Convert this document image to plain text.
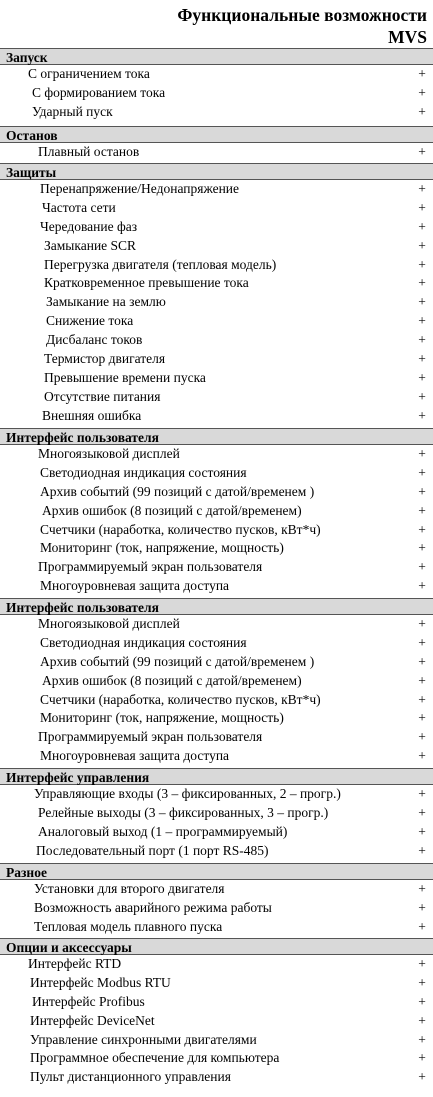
Функциональные возможности
MVS
Запуск
С ограничением тока	+
С формированием тока	+
Ударный пуск	+
Останов
Плавный останов	+
Защиты
Перенапряжение/Недонапряжение	+
Частота сети	+
Чередование фаз	+
Замыкание SCR	+
Перегрузка двигателя (тепловая модель)	+
Кратковременное превышение тока	+
Замыкание на землю	+
Снижение тока	+
Дисбаланс токов	+
Термистор двигателя	+
Превышение времени пуска	+
Отсутствие питания	+
Внешняя ошибка	+
Интерфейс пользователя
Многоязыковой дисплей	+
Светодиодная индикация состояния	+
Архив событий (99 позиций с датой/временем )	+
Архив ошибок (8 позиций с датой/временем)	+
Счетчики (наработка, количество пусков, кВт*ч)	+
Мониторинг (ток, напряжение, мощность)	+
Программируемый экран пользователя	+
Многоуровневая защита доступа	+
Интерфейс пользователя
Многоязыковой дисплей	+
Светодиодная индикация состояния	+
Архив событий (99 позиций с датой/временем )	+
Архив ошибок (8 позиций с датой/временем)	+
Счетчики (наработка, количество пусков, кВт*ч)	+
Мониторинг (ток, напряжение, мощность)	+
Программируемый экран пользователя	+
Многоуровневая защита доступа	+
Интерфейс управления
Управляющие входы (3 – фиксированных, 2 – прогр.)	+
Релейные выходы (3 – фиксированных, 3 – прогр.)	+
Аналоговый выход (1 – программируемый)	+
Последовательный порт (1 порт RS-485)	+
Разное
Установки для второго двигателя	+
Возможность аварийного режима работы	+
Тепловая модель плавного пуска	+
Опции и аксессуары
Интерфейс RTD	+
Интерфейс Modbus RTU	+
Интерфейс Profibus	+
Интерфейс DeviceNet	+
Управление синхронными двигателями	+
Программное обеспечение для компьютера	+
Пульт дистанционного управления	+
